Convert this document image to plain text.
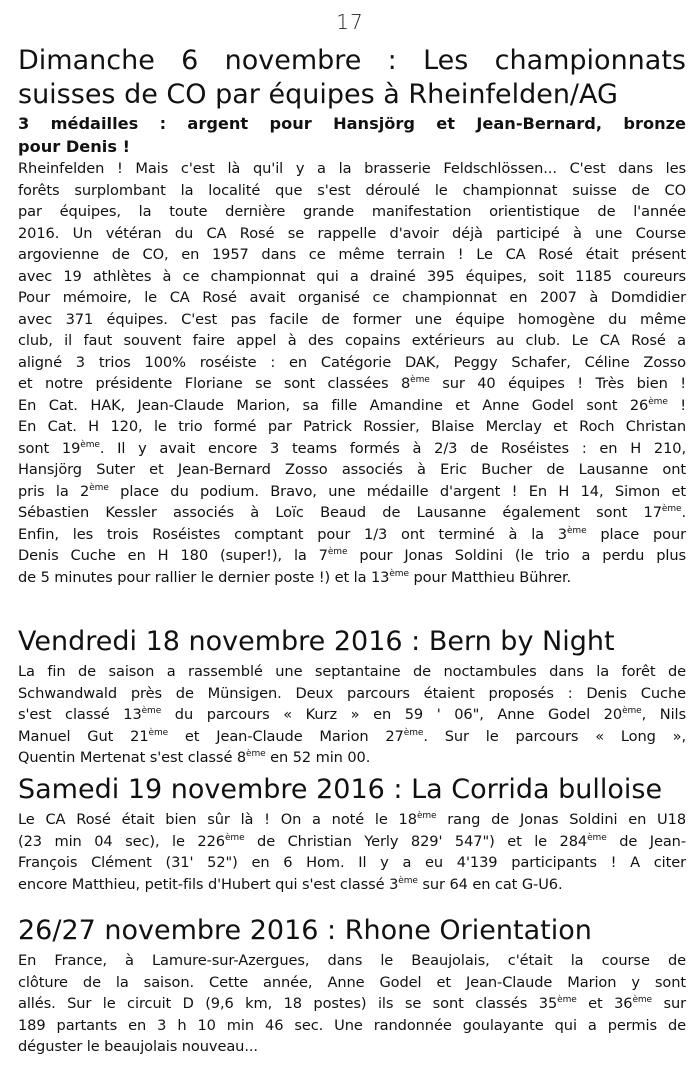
17
Dimanche 6 novembre : Les championnats
suisses de CO par équipes à Rheinfelden/AG
3 médailles : argent pour Hansjörg et Jean-Bernard, bronze
pour Denis !
Rheinfelden ! Mais c'est là qu'il y a la brasserie Feldschlössen... C'est dans les
forêts surplombant la localité que s'est déroulé le championnat suisse de CO
par équipes, la toute dernière grande manifestation orientistique de l'année
2016. Un vétéran du CA Rosé se rappelle d'avoir déjà participé à une Course
argovienne de CO, en 1957 dans ce même terrain ! Le CA Rosé était présent
avec 19 athlètes à ce championnat qui a drainé 395 équipes, soit 1185 coureurs
Pour mémoire, le CA Rosé avait organisé ce championnat en 2007 à Domdidier
avec 371 équipes. C'est pas facile de former une équipe homogène du même
club, il faut souvent faire appel à des copains extérieurs au club. Le CA Rosé a
aligné 3 trios 100% roséiste : en Catégorie DAK, Peggy Schafer, Céline Zosso
et notre présidente Floriane se sont classées 8ème sur 40 équipes ! Très bien !
En Cat. HAK, Jean-Claude Marion, sa fille Amandine et Anne Godel sont 26ème !
En Cat. H 120, le trio formé par Patrick Rossier, Blaise Merclay et Roch Christan
sont 19ème. Il y avait encore 3 teams formés à 2/3 de Roséistes : en H 210,
Hansjörg Suter et Jean-Bernard Zosso associés à Eric Bucher de Lausanne ont
pris la 2ème place du podium. Bravo, une médaille d'argent ! En H 14, Simon et
Sébastien Kessler associés à Loïc Beaud de Lausanne également sont 17ème.
Enfin, les trois Roséistes comptant pour 1/3 ont terminé à la 3ème place pour
Denis Cuche en H 180 (super!), la 7ème pour Jonas Soldini (le trio a perdu plus
de 5 minutes pour rallier le dernier poste !) et la 13ème pour Matthieu Bührer.
Vendredi 18 novembre 2016 : Bern by Night
La fin de saison a rassemblé une septantaine de noctambules dans la forêt de
Schwandwald près de Münsigen. Deux parcours étaient proposés : Denis Cuche
s'est classé 13ème du parcours « Kurz » en 59 ' 06", Anne Godel 20ème, Nils
Manuel Gut 21ème et Jean-Claude Marion 27ème. Sur le parcours « Long »,
Quentin Mertenat s'est classé 8ème en 52 min 00.
Samedi 19 novembre 2016 : La Corrida bulloise
Le CA Rosé était bien sûr là ! On a noté le 18ème rang de Jonas Soldini en U18
(23 min 04 sec), le 226ème de Christian Yerly 829' 547") et le 284ème de Jean-
François Clément (31' 52") en 6 Hom. Il y a eu 4'139 participants ! A citer
encore Matthieu, petit-fils d'Hubert qui s'est classé 3ème sur 64 en cat G-U6.
26/27 novembre 2016 : Rhone Orientation
En France, à Lamure-sur-Azergues, dans le Beaujolais, c'était la course de
clôture de la saison. Cette année, Anne Godel et Jean-Claude Marion y sont
allés. Sur le circuit D (9,6 km, 18 postes) ils se sont classés 35ème et 36ème sur
189 partants en 3 h 10 min 46 sec. Une randonnée goulayante qui a permis de
déguster le beaujolais nouveau...
